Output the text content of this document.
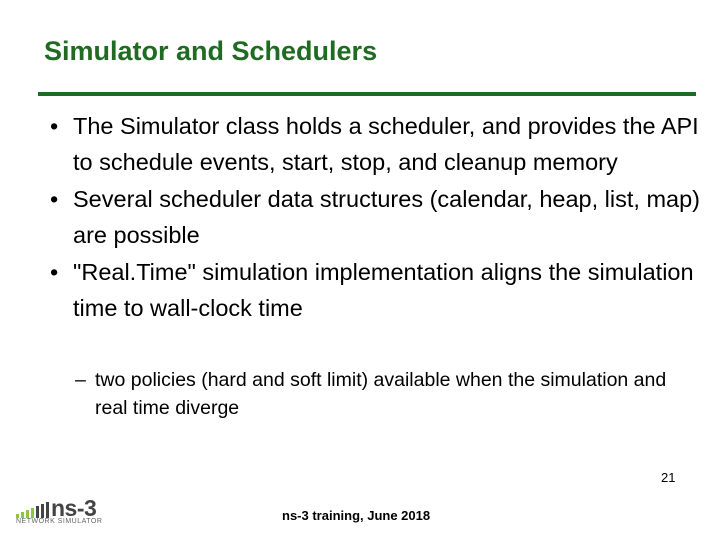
Simulator and Schedulers
• The Simulator class holds a scheduler, and provides the API to schedule events, start, stop, and cleanup memory
• Several scheduler data structures (calendar, heap, list, map) are possible
• "Real.Time" simulation implementation aligns the simulation time to wall-clock time
– two policies (hard and soft limit) available when the simulation and real time diverge
ns-3
NETWORK SIMULATOR	ns-3 training, June 2018
21
